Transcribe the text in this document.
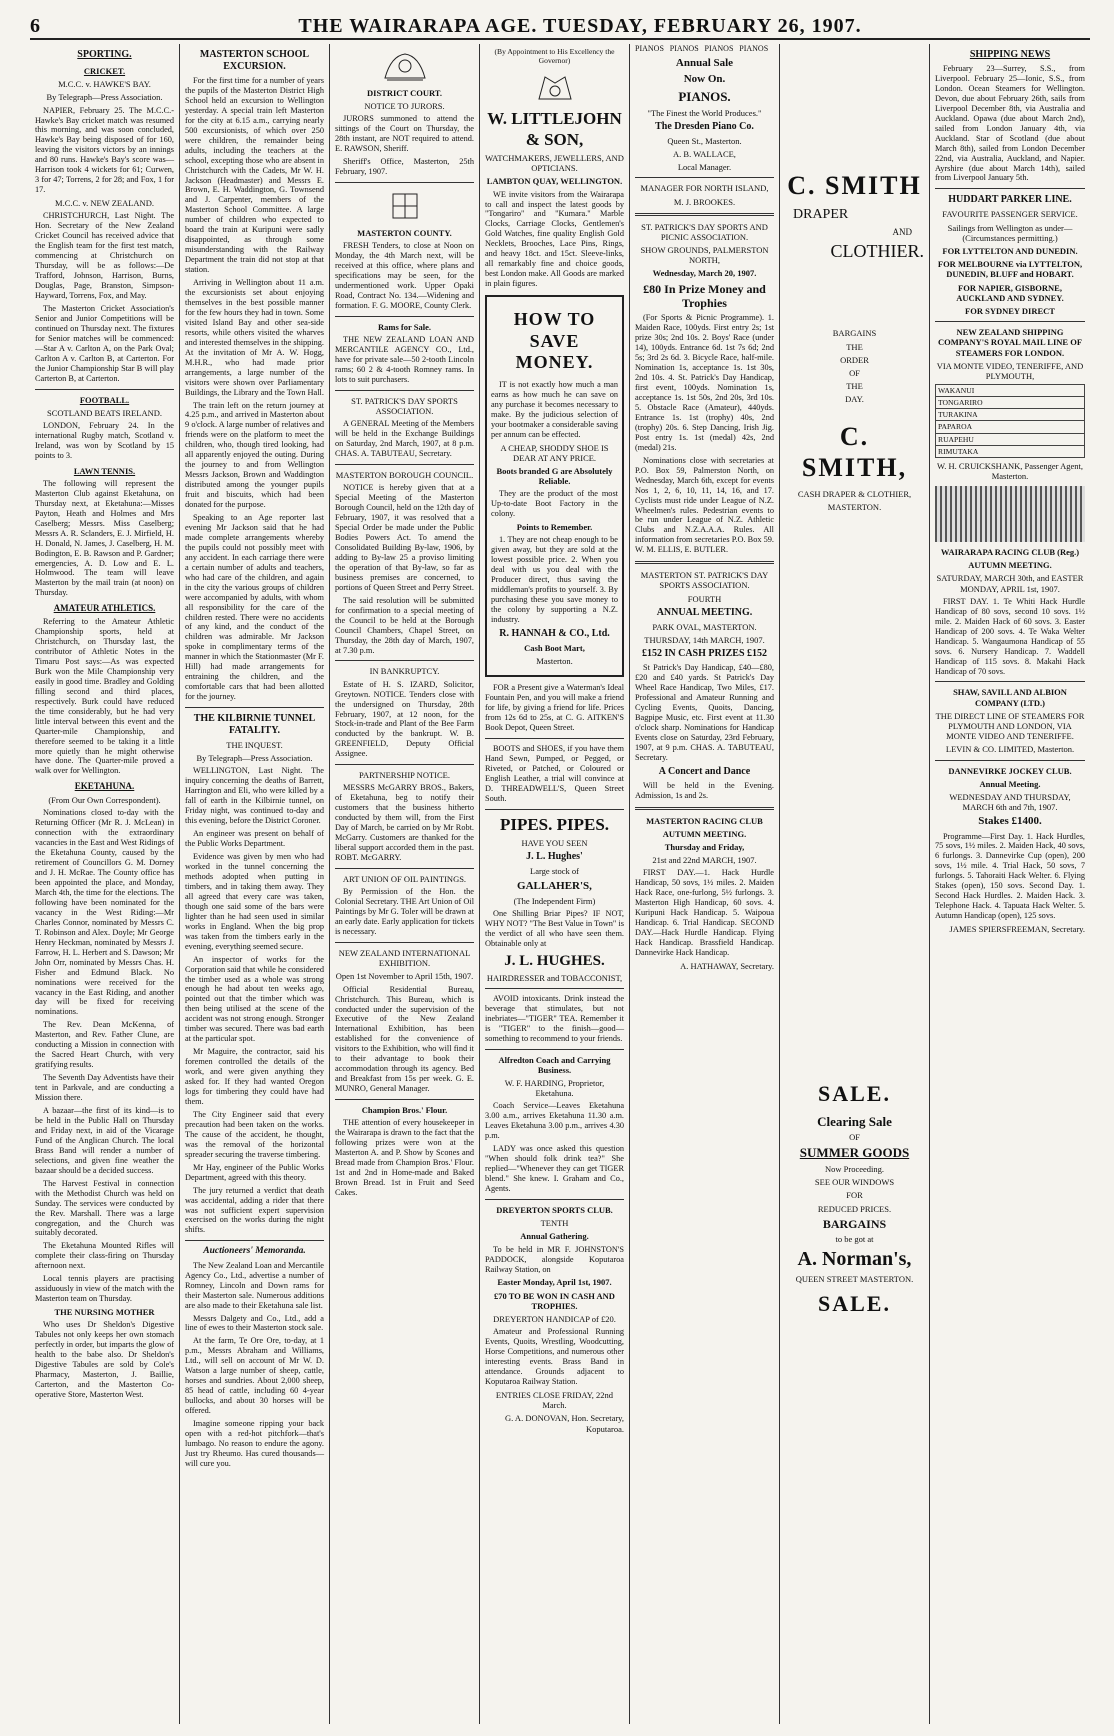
6	THE WAIRARAPA AGE. TUESDAY, FEBRUARY 26, 1907.
SPORTING.
CRICKET.
M.C.C. v. HAWKE'S BAY.
By Telegraph—Press Association.

NAPIER, February 25. The M.C.C.-Hawke's Bay cricket match was resumed this morning, and was soon concluded, Hawke's Bay being disposed of for 160, leaving the visitors victors by an innings and 80 runs. Hawke's Bay's score was—Harrison took 4 wickets for 61; Curwen, 3 for 47; Torrens, 2 for 28; and Fox, 1 for 17.

M.C.C. v. NEW ZEALAND.

CHRISTCHURCH, Last Night. The Hon. Secretary of the New Zealand Cricket Council has received advice that the English team for the first test match, commencing at Christchurch on Thursday, will be as follows:—De Trafford, Johnson, Harrison, Burns, Douglas, Page, Branston, Simpson-Hayward, Torrens, Fox, and May.

The Masterton Cricket Association's Senior and Junior Competitions will be continued on Thursday next. The fixtures for Senior matches will be commenced:—Star A v. Carlton A, on the Park Oval; Carlton A v. Carlton B, at Carterton. For the Junior Championship Star B will play Carterton B, at Carterton.

FOOTBALL.
SCOTLAND BEATS IRELAND.

LONDON, February 24. In the international Rugby match, Scotland v. Ireland, was won by Scotland by 15 points to 3.

LAWN TENNIS.

The following will represent the Masterton Club against Eketahuna, on Thursday next, at Eketahuna:—Misses Payton, Heath and Holmes and Mrs Caselberg; Messrs. Miss Caselberg; Messrs A. R. Sclanders, E. J. Mirfield, H. H. Donald, N. James, J. Caselberg, H. M. Bodington, E. B. Rawson and P. Gardner; emergencies, A. D. Low and E. L. Holmwood. The team will leave Masterton by the mail train (at noon) on Thursday.

AMATEUR ATHLETICS.

Referring to the Amateur Athletic Championship sports, held at Christchurch, on Thursday last, the contributor of Athletic Notes in the Timaru Post says:—As was expected Burk won the Mile Championship very easily in good time. Bradley and Golding filling second and third places, respectively. Burk could have reduced the time considerably, but he had very little interval between this event and the Quarter-mile Championship, and therefore seemed to be taking it a little more quietly than he might otherwise have done. The Quarter-mile proved a walk over for Wellington.

EKETAHUNA.
(From Our Own Correspondent).

Nominations closed to-day with the Returning Officer (Mr R. J. McLean) in connection with the extraordinary vacancies in the East and West Ridings of the Eketahuna County, caused by the retirement of Councillors G. M. Dorney and J. H. McRae. The County office has been appointed the place, and Monday, March 4th, the time for the elections. The following have been nominated for the vacancy in the West Riding:—Mr Charles Connor, nominated by Messrs C. T. Robinson and Alex. Doyle; Mr George Henry Heckman, nominated by Messrs J. Farrow, H. L. Herbert and S. Dawson; Mr John Orr, nominated by Messrs Chas. H. Fisher and Edmund Black. No nominations were received for the vacancy in the East Riding, and another day will be fixed for receiving nominations.

The Rev. Dean McKenna, of Masterton, and Rev. Father Clune, are conducting a Mission in connection with the Sacred Heart Church, with very gratifying results.

The Seventh Day Adventists have their tent in Parkvale, and are conducting a Mission there.

A bazaar—the first of its kind—is to be held in the Public Hall on Thursday and Friday next, in aid of the Vicarage Fund of the Anglican Church. The local Brass Band will render a number of selections, and given fine weather the bazaar should be a decided success.

The Harvest Festival in connection with the Methodist Church was held on Sunday. The services were conducted by the Rev. Marshall. There was a large congregation, and the Church was suitably decorated.

The Eketahuna Mounted Rifles will complete their class-firing on Thursday afternoon next.

Local tennis players are practising assiduously in view of the match with the Masterton team on Thursday.

THE NURSING MOTHER

Who uses Dr Sheldon's Digestive Tabules not only keeps her own stomach perfectly in order, but imparts the glow of health to the babe also. Dr Sheldon's Digestive Tabules are sold by Cole's Pharmacy, Masterton, J. Baillie, Carterton, and the Masterton Co-operative Store, Masterton West.

MASTERTON SCHOOL EXCURSION.

For the first time for a number of years the pupils of the Masterton District High School held an excursion to Wellington yesterday. A special train left Masterton for the city at 6.15 a.m., carrying nearly 500 excursionists, of which over 250 were children, the remainder being adults, including the teachers at the school, excepting those who are absent in Christchurch with the Cadets, Mr W. H. Jackson (Headmaster) and Messrs E. Brown, E. H. Waddington, G. Townsend and J. Carpenter, members of the Masterton School Committee. A large number of children who expected to board the train at Kuripuni were sadly disappointed, as through some misunderstanding with the Railway Department the train did not stop at that station.

Arriving in Wellington about 11 a.m. the excursionists set about enjoying themselves in the best possible manner for the few hours they had in town. Some visited Island Bay and other sea-side resorts, while others visited the wharves and interested themselves in the shipping. At the invitation of Mr A. W. Hogg, M.H.R., who had made prior arrangements, a large number of the visitors were shown over Parliamentary Buildings, the Library and the Town Hall.

The train left on the return journey at 4.25 p.m., and arrived in Masterton about 9 o'clock. A large number of relatives and friends were on the platform to meet the children, who, though tired looking, had all apparently enjoyed the outing. During the journey to and from Wellington Messrs Jackson, Brown and Waddington distributed among the younger pupils fruit and biscuits, which had been donated for the purpose.

Speaking to an Age reporter last evening Mr Jackson said that he had made complete arrangements whereby the pupils could not possibly meet with any accident. In each carriage there were a certain number of adults and teachers, who had care of the children, and again in the city the various groups of children were accompanied by adults, with whom all responsibility for the care of the children rested. There were no accidents of any kind, and the conduct of the children was admirable. Mr Jackson spoke in complimentary terms of the manner in which the Stationmaster (Mr F. Hill) had made arrangements for entraining the children, and the comfortable cars that had been allotted for the journey.

THE KILBIRNIE TUNNEL FATALITY.
THE INQUEST.
By Telegraph—Press Association.

WELLINGTON, Last Night. The inquiry concerning the deaths of Barrett, Harrington and Eli, who were killed by a fall of earth in the Kilbirnie tunnel, on Friday night, was continued to-day and this evening, before the District Coroner.

An engineer was present on behalf of the Public Works Department.

Evidence was given by men who had worked in the tunnel concerning the methods adopted when putting in timbers, and in taking them away. They all agreed that every care was taken, though one said some of the bars were lighter than he had seen used in similar works in England. When the big prop was taken from the timbers early in the evening, everything seemed secure.

An inspector of works for the Corporation said that while he considered the timber used as a whole was strong enough he had about ten weeks ago, pointed out that the timber which was then being utilised at the scene of the accident was not strong enough. Stronger timber was secured. There was bad earth at the particular spot.

Mr Maguire, the contractor, said his foremen controlled the details of the work, and were given anything they asked for. If they had wanted Oregon logs for timbering they could have had them.

The City Engineer said that every precaution had been taken on the works. The cause of the accident, he thought, was the removal of the horizontal spreader securing the traverse timbering.

Mr Hay, engineer of the Public Works Department, agreed with this theory.

The jury returned a verdict that death was accidental, adding a rider that there was not sufficient expert supervision exercised on the works during the night shifts.

Auctioneers' Memoranda.

The New Zealand Loan and Mercantile Agency Co., Ltd., advertise a number of Romney, Lincoln and Down rams for their Masterton sale. Numerous additions are also made to their Eketahuna sale list.

Messrs Dalgety and Co., Ltd., add a line of ewes to their Masterton stock sale.

At the farm, Te Ore Ore, to-day, at 1 p.m., Messrs Abraham and Williams, Ltd., will sell on account of Mr W. D. Watson a large number of sheep, cattle, horses and sundries. About 2,000 sheep, 85 head of cattle, including 60 4-year bullocks, and about 30 horses will be offered.

Imagine someone ripping your back open with a red-hot pitchfork—that's lumbago. No reason to endure the agony. Just try Rheumo. Has cured thousands—will cure you.

DISTRICT COURT.
NOTICE TO JURORS.

JURORS summoned to attend the sittings of the Court on Thursday, the 28th instant, are NOT required to attend. E. RAWSON, Sheriff.

Sheriff's Office, Masterton, 25th February, 1907.

MASTERTON COUNTY.

FRESH Tenders, to close at Noon on Monday, the 4th March next, will be received at this office, where plans and specifications may be seen, for the undermentioned work. Upper Opaki Road, Contract No. 134.—Widening and formation. F. G. MOORE, County Clerk.

Rams for Sale.

THE NEW ZEALAND LOAN AND MERCANTILE AGENCY CO., Ltd., have for private sale—50 2-tooth Lincoln rams; 60 2 & 4-tooth Romney rams. In lots to suit purchasers.

ST. PATRICK'S DAY SPORTS ASSOCIATION.

A GENERAL Meeting of the Members will be held in the Exchange Buildings on Saturday, 2nd March, 1907, at 8 p.m. CHAS. A. TABUTEAU, Secretary.

MASTERTON BOROUGH COUNCIL.

NOTICE is hereby given that at a Special Meeting of the Masterton Borough Council, held on the 12th day of February, 1907, it was resolved that a Special Order be made under the Public Bodies Powers Act. To amend the Consolidated Building By-law, 1906, by adding to By-law 25 a proviso limiting the operation of that By-law, so far as business premises are concerned, to portions of Queen Street and Perry Street.

The said resolution will be submitted for confirmation to a special meeting of the Council to be held at the Borough Council Chambers, Chapel Street, on Thursday, the 28th day of March, 1907, at 7.30 p.m.

IN BANKRUPTCY.

Estate of H. S. IZARD, Solicitor, Greytown. NOTICE. Tenders close with the undersigned on Thursday, 28th February, 1907, at 12 noon, for the Stock-in-trade and Plant of the Bee Farm conducted by the bankrupt. W. B. GREENFIELD, Deputy Official Assignee.

PARTNERSHIP NOTICE.

MESSRS McGARRY BROS., Bakers, of Eketahuna, beg to notify their customers that the business hitherto conducted by them will, from the First Day of March, be carried on by Mr Robt. McGarry. Customers are thanked for the liberal support accorded them in the past. ROBT. McGARRY.

ART UNION OF OIL PAINTINGS.

By Permission of the Hon. the Colonial Secretary. THE Art Union of Oil Paintings by Mr G. Toler will be drawn at an early date. Early application for tickets is necessary.

NEW ZEALAND INTERNATIONAL EXHIBITION.
Open 1st November to April 15th, 1907.

Official Residential Bureau, Christchurch. This Bureau, which is conducted under the supervision of the Executive of the New Zealand International Exhibition, has been established for the convenience of visitors to the Exhibition, who will find it to their advantage to book their accommodation through its agency. Bed and Breakfast from 15s per week. G. E. MUNRO, General Manager.

Champion Bros.' Flour.

THE attention of every housekeeper in the Wairarapa is drawn to the fact that the following prizes were won at the Masterton A. and P. Show by Scones and Bread made from Champion Bros.' Flour. 1st and 2nd in Home-made and Baked Brown Bread. 1st in Fruit and Seed Cakes.

(By Appointment to His Excellency the Governor)
W. LITTLEJOHN & SON,
WATCHMAKERS, JEWELLERS, AND OPTICIANS.
LAMBTON QUAY, WELLINGTON.

WE invite visitors from the Wairarapa to call and inspect the latest goods by "Tongariro" and "Kumara." Marble Clocks, Carriage Clocks, Gentlemen's Gold Watches, fine quality English Gold Necklets, Brooches, Lace Pins, Rings, and heavy 18ct. and 15ct. Sleeve-links, all remarkably fine and choice goods, best London make. All Goods are marked in plain figures.

HOW TO SAVE MONEY.

IT is not exactly how much a man earns as how much he can save on any purchase it becomes necessary to make. By the judicious selection of your bootmaker a considerable saving per annum can be effected.

A CHEAP, SHODDY SHOE IS DEAR AT ANY PRICE.
Boots branded G are Absolutely Reliable.

They are the product of the most Up-to-date Boot Factory in the colony.

Points to Remember.

1. They are not cheap enough to be given away, but they are sold at the lowest possible price. 2. When you deal with us you deal with the Producer direct, thus saving the middleman's profits to yourself. 3. By purchasing these you save money to the colony by supporting a N.Z. industry.

R. HANNAH & CO., Ltd.
Cash Boot Mart,
Masterton.

FOR a Present give a Waterman's Ideal Fountain Pen, and you will make a friend for life, by giving a friend for life. Prices from 12s 6d to 25s, at C. G. AITKEN'S Book Depot, Queen Street.

BOOTS and SHOES, if you have them Hand Sewn, Pumped, or Pegged, or Riveted, or Patched, or Coloured or English Leather, a trial will convince at D. THREADWELL'S, Queen Street South.

PIPES. PIPES.
HAVE YOU SEEN
J. L. Hughes'
Large stock of
GALLAHER'S,
(The Independent Firm)

One Shilling Briar Pipes? IF NOT, WHY NOT? "The Best Value in Town" is the verdict of all who have seen them. Obtainable only at

J. L. HUGHES.
HAIRDRESSER and TOBACCONIST,

AVOID intoxicants. Drink instead the beverage that stimulates, but not inebriates—"TIGER" TEA. Remember it is "TIGER" to the finish—good—something to recommend to your friends.

Alfredton Coach and Carrying Business.
W. F. HARDING, Proprietor, Eketahuna.

Coach Service—Leaves Eketahuna 3.00 a.m., arrives Eketahuna 11.30 a.m. Leaves Eketahuna 3.00 p.m., arrives 4.30 p.m.

LADY was once asked this question "When should folk drink tea?" She replied—"Whenever they can get TIGER blend." She knew. I. Graham and Co., Agents.

DREYERTON SPORTS CLUB.
TENTH
Annual Gathering.

To be held in MR F. JOHNSTON'S PADDOCK, alongside Koputaroa Railway Station, on

Easter Monday, April 1st, 1907.
£70 TO BE WON IN CASH AND TROPHIES.
DREYERTON HANDICAP of £20.

Amateur and Professional Running Events, Quoits, Wrestling, Woodcutting, Horse Competitions, and numerous other interesting events. Brass Band in attendance. Grounds adjacent to Koputaroa Railway Station.

ENTRIES CLOSE FRIDAY, 22nd March.
G. A. DONOVAN, Hon. Secretary, Koputaroa.
PIANOS PIANOS PIANOS PIANOS
Annual Sale
Now On.
PIANOS.
"The Finest the World Produces."
The Dresden Piano Co.
Queen St., Masterton.
A. B. WALLACE,
Local Manager.
MANAGER FOR NORTH ISLAND,
M. J. BROOKES.
ST. PATRICK'S DAY SPORTS AND PICNIC ASSOCIATION.
SHOW GROUNDS, PALMERSTON NORTH,
Wednesday, March 20, 1907.
£80 In Prize Money and Trophies

(For Sports & Picnic Programme). 1. Maiden Race, 100yds. First entry 2s; 1st prize 30s; 2nd 10s. 2. Boys' Race (under 14), 100yds. Entrance 6d. 1st 7s 6d; 2nd 5s; 3rd 2s 6d. 3. Bicycle Race, half-mile. Nomination 1s, acceptance 1s. 1st 30s, 2nd 10s. 4. St. Patrick's Day Handicap, first event, 100yds. Nomination 1s, acceptance 1s. 1st 50s, 2nd 20s, 3rd 10s. 5. Obstacle Race (Amateur), 440yds. Entrance 1s. 1st (trophy) 40s, 2nd (trophy) 20s. 6. Step Dancing, Irish Jig. Post entry 1s. 1st (medal) 42s, 2nd (medal) 21s.

Nominations close with secretaries at P.O. Box 59, Palmerston North, on Wednesday, March 6th, except for events Nos 1, 2, 6, 10, 11, 14, 16, and 17. Cyclists must ride under League of N.Z. Wheelmen's rules. Pedestrian events to be run under League of N.Z. Athletic Clubs and N.Z.A.A.A. Rules. All information from secretaries P.O. Box 59. W. M. ELLIS, E. BUTLER.

MASTERTON ST. PATRICK'S DAY SPORTS ASSOCIATION.
FOURTH
ANNUAL MEETING.
PARK OVAL, MASTERTON.
THURSDAY, 14th MARCH, 1907.
£152 IN CASH PRIZES £152

St Patrick's Day Handicap, £40—£80, £20 and £40 yards. St Patrick's Day Wheel Race Handicap, Two Miles, £17. Professional and Amateur Running and Cycling Events, Quoits, Dancing, Bagpipe Music, etc. First event at 11.30 o'clock sharp. Nominations for Handicap Events close on Saturday, 23rd February, 1907, at 9 p.m. CHAS. A. TABUTEAU, Secretary.

A Concert and Dance

Will be held in the Evening. Admission, 1s and 2s.

MASTERTON RACING CLUB
AUTUMN MEETING.
Thursday and Friday,
21st and 22nd MARCH, 1907.

FIRST DAY.—1. Hack Hurdle Handicap, 50 sovs, 1½ miles. 2. Maiden Hack Race, one-furlong, 5½ furlongs. 3. Masterton High Handicap, 60 sovs. 4. Kuripuni Hack Handicap. 5. Waipoua Handicap. 6. Trial Handicap. SECOND DAY.—Hack Hurdle Handicap. Flying Hack Handicap. Brassfield Handicap. Dannevirke Hack Handicap.

A. HATHAWAY, Secretary.
C. SMITH
DRAPER
AND
CLOTHIER.
BARGAINS
THE
ORDER
OF
THE
DAY.
C. SMITH,
CASH DRAPER & CLOTHIER,
MASTERTON.
SALE.
Clearing Sale
OF
SUMMER GOODS
Now Proceeding.
SEE OUR WINDOWS
FOR
REDUCED PRICES.
BARGAINS
to be got at
A. Norman's,
QUEEN STREET MASTERTON.
SALE.
SHIPPING NEWS

February 23—Surrey, S.S., from Liverpool. February 25—Ionic, S.S., from London. Ocean Steamers for Wellington. Devon, due about February 26th, sails from Liverpool December 8th, via Australia and Auckland. Opawa (due about March 2nd), sailed from London January 4th, via Auckland. Star of Scotland (due about March 8th), sailed from London December 22nd, via Australia, Auckland, and Napier. Ayrshire (due about March 14th), sailed from Liverpool January 5th.

HUDDART PARKER LINE.
FAVOURITE PASSENGER SERVICE.
Sailings from Wellington as under—(Circumstances permitting.)
FOR LYTTELTON AND DUNEDIN.
FOR MELBOURNE via LYTTELTON, DUNEDIN, BLUFF and HOBART.
FOR NAPIER, GISBORNE, AUCKLAND AND SYDNEY.
FOR SYDNEY DIRECT
NEW ZEALAND SHIPPING COMPANY'S ROYAL MAIL LINE OF STEAMERS FOR LONDON.
VIA MONTE VIDEO, TENERIFFE, AND PLYMOUTH,
WAKANUI
TONGARIRO
TURAKINA
PAPAROA
RUAPEHU
RIMUTAKA
W. H. CRUICKSHANK, Passenger Agent, Masterton.
WAIRARAPA RACING CLUB (Reg.)
AUTUMN MEETING.
SATURDAY, MARCH 30th, and EASTER MONDAY, APRIL 1st, 1907.

FIRST DAY. 1. Te Whiti Hack Hurdle Handicap of 80 sovs, second 10 sovs. 1½ mile. 2. Maiden Hack of 60 sovs. 3. Easter Handicap of 200 sovs. 4. Te Waka Welter Handicap. 5. Wangaumona Handicap of 55 sovs. 6. Nursery Handicap. 7. Waddell Handicap of 115 sovs. 8. Makahi Hack Handicap of 70 sovs.

SHAW, SAVILL AND ALBION COMPANY (LTD.)
THE DIRECT LINE OF STEAMERS FOR PLYMOUTH AND LONDON, VIA MONTE VIDEO AND TENERIFFE.
LEVIN & CO. LIMITED, Masterton.
DANNEVIRKE JOCKEY CLUB.
Annual Meeting.
WEDNESDAY AND THURSDAY, MARCH 6th and 7th, 1907.
Stakes £1400.

Programme—First Day. 1. Hack Hurdles, 75 sovs, 1½ miles. 2. Maiden Hack, 40 sovs, 6 furlongs. 3. Dannevirke Cup (open), 200 sovs, 1½ mile. 4. Trial Hack, 50 sovs, 7 furlongs. 5. Tahoraiti Hack Welter. 6. Flying Stakes (open), 150 sovs. Second Day. 1. Second Hack Hurdles. 2. Maiden Hack. 3. Telephone Hack. 4. Tapuata Hack Welter. 5. Autumn Handicap (open), 125 sovs.

JAMES SPIERSFREEMAN, Secretary.
